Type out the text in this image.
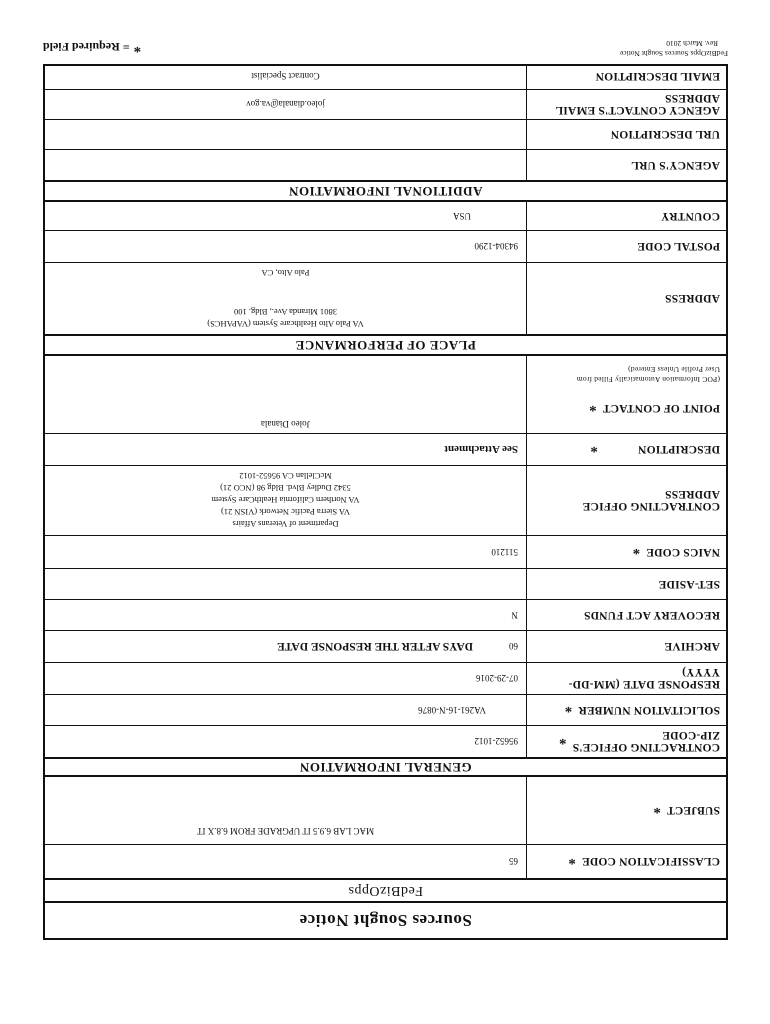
Sources Sought Notice
FedBizOpps
CLASSIFICATION CODE
*
65
SUBJECT
*
MAC LAB 6.9.5 IT UPGRADE FROM 6.8.X IT
GENERAL INFORMATION
CONTRACTING OFFICE'S
ZIP-CODE
*
95652-1012
SOLICITATION NUMBER
*
VA261-16-N-0876
RESPONSE DATE (MM-DD-YYYY)
07-29-2016
ARCHIVE
60
DAYS AFTER THE RESPONSE DATE
RECOVERY ACT FUNDS
N
SET-ASIDE
NAICS CODE
*
511210
CONTRACTING OFFICE
ADDRESS
Department of Veterans Affairs
VA Sierra Pacific Network (VISN 21)
VA Northern California HealthCare System
5342 Dudley Blvd. Bldg 98 (NCO 21)
McClellan CA 95652-1012
DESCRIPTION
*
See Attachment
POINT OF CONTACT*
(POC Information Automatically Filled from
User Profile Unless Entered)
Joleo Dianala
PLACE OF PERFORMANCE
ADDRESS
VA Palo Alto Healthcare System (VAPAHCS)
3801 Miranda Ave., Bldg. 100
Palo Alto, CA
POSTAL CODE
94304-1290
COUNTRY
USA
ADDITIONAL INFORMATION
AGENCY'S URL
URL DESCRIPTION
AGENCY CONTACT'S EMAIL
ADDRESS
joleo.dianala@va.gov
EMAIL DESCRIPTION
Contract Specialist
FedBizOpps Sources Sought Notice
Rev. March 2010
*
= Required Field
